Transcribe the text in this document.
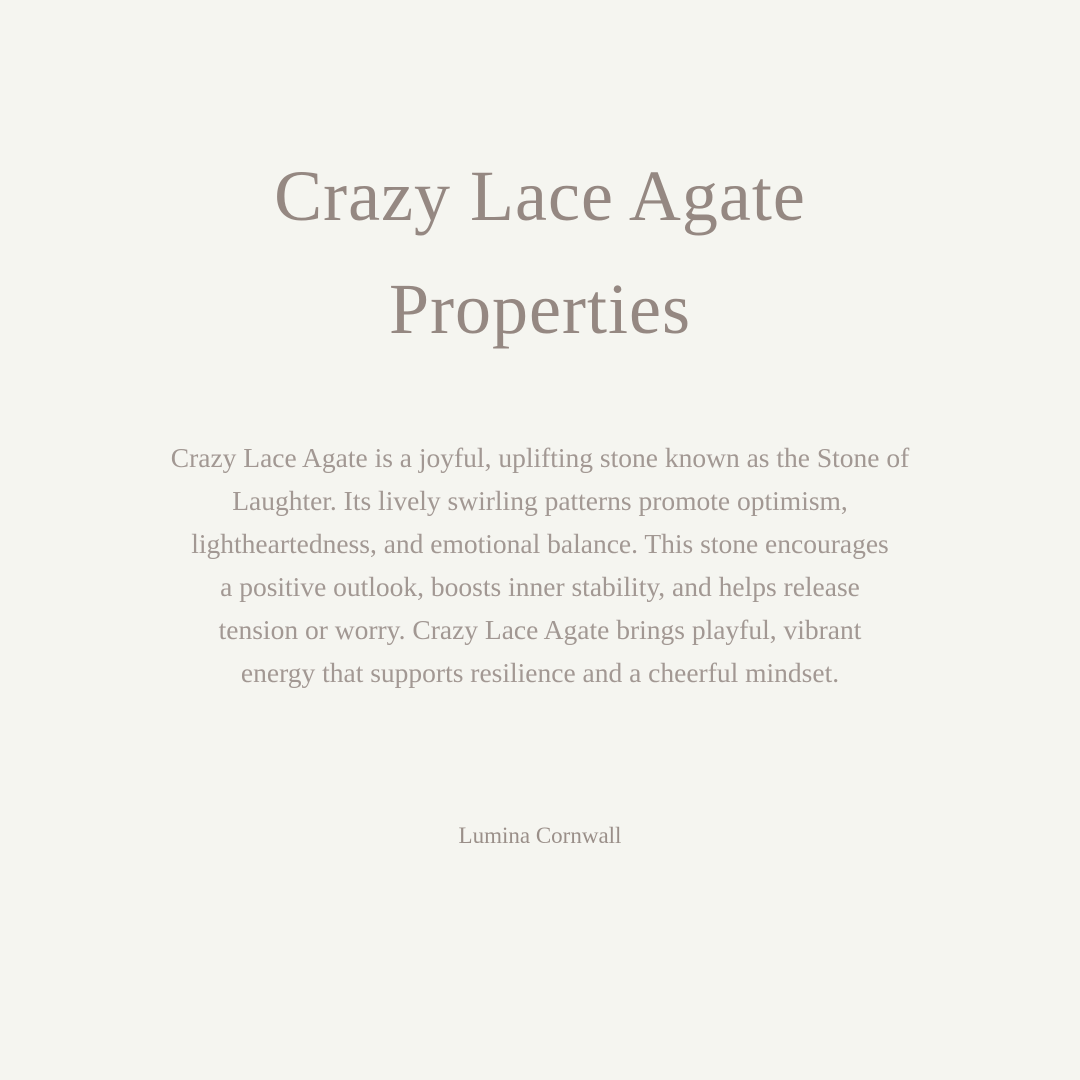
Crazy Lace Agate
Properties

Crazy Lace Agate is a joyful, uplifting stone known as the Stone of
Laughter. Its lively swirling patterns promote optimism,
lightheartedness, and emotional balance. This stone encourages
a positive outlook, boosts inner stability, and helps release
tension or worry. Crazy Lace Agate brings playful, vibrant
energy that supports resilience and a cheerful mindset.

Lumina Cornwall
